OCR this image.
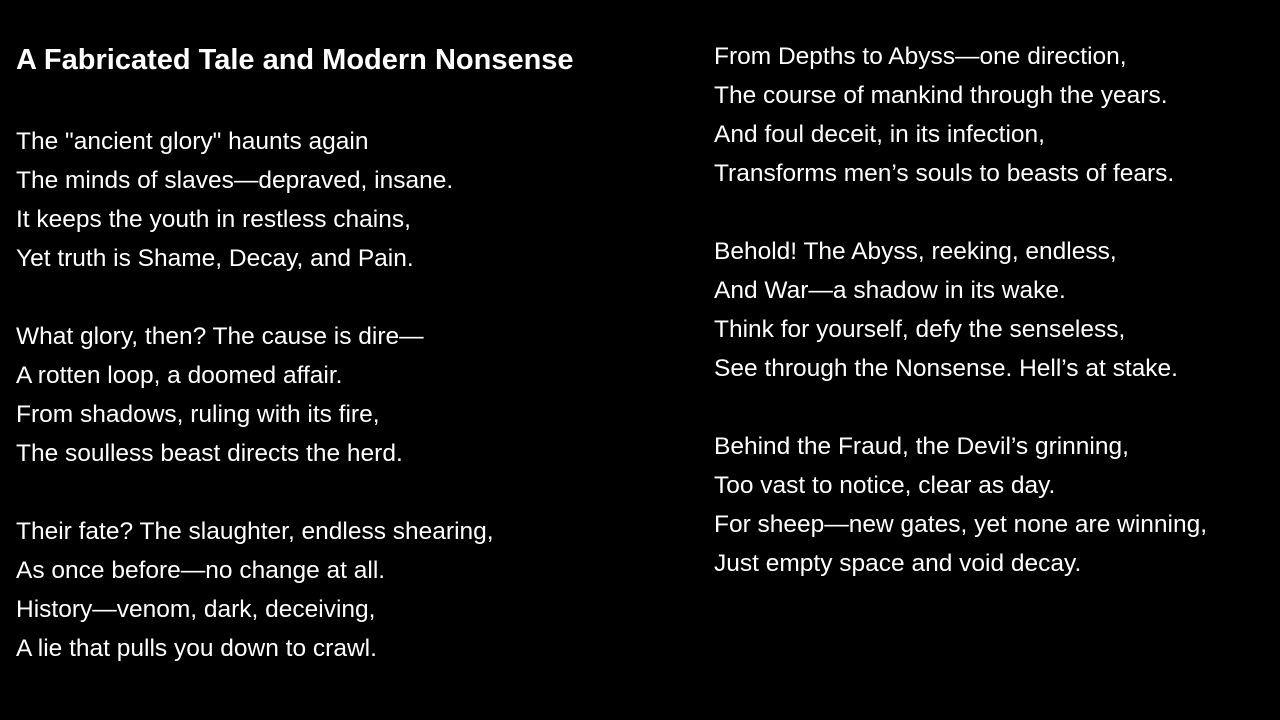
A Fabricated Tale and Modern Nonsense
The "ancient glory" haunts again
The minds of slaves—depraved, insane.
It keeps the youth in restless chains,
Yet truth is Shame, Decay, and Pain.
What glory, then? The cause is dire—
A rotten loop, a doomed affair.
From shadows, ruling with its fire,
The soulless beast directs the herd.
Their fate? The slaughter, endless shearing,
As once before—no change at all.
History—venom, dark, deceiving,
A lie that pulls you down to crawl.
From Depths to Abyss—one direction,
The course of mankind through the years.
And foul deceit, in its infection,
Transforms men’s souls to beasts of fears.
Behold! The Abyss, reeking, endless,
And War—a shadow in its wake.
Think for yourself, defy the senseless,
See through the Nonsense. Hell’s at stake.
Behind the Fraud, the Devil’s grinning,
Too vast to notice, clear as day.
For sheep—new gates, yet none are winning,
Just empty space and void decay.
